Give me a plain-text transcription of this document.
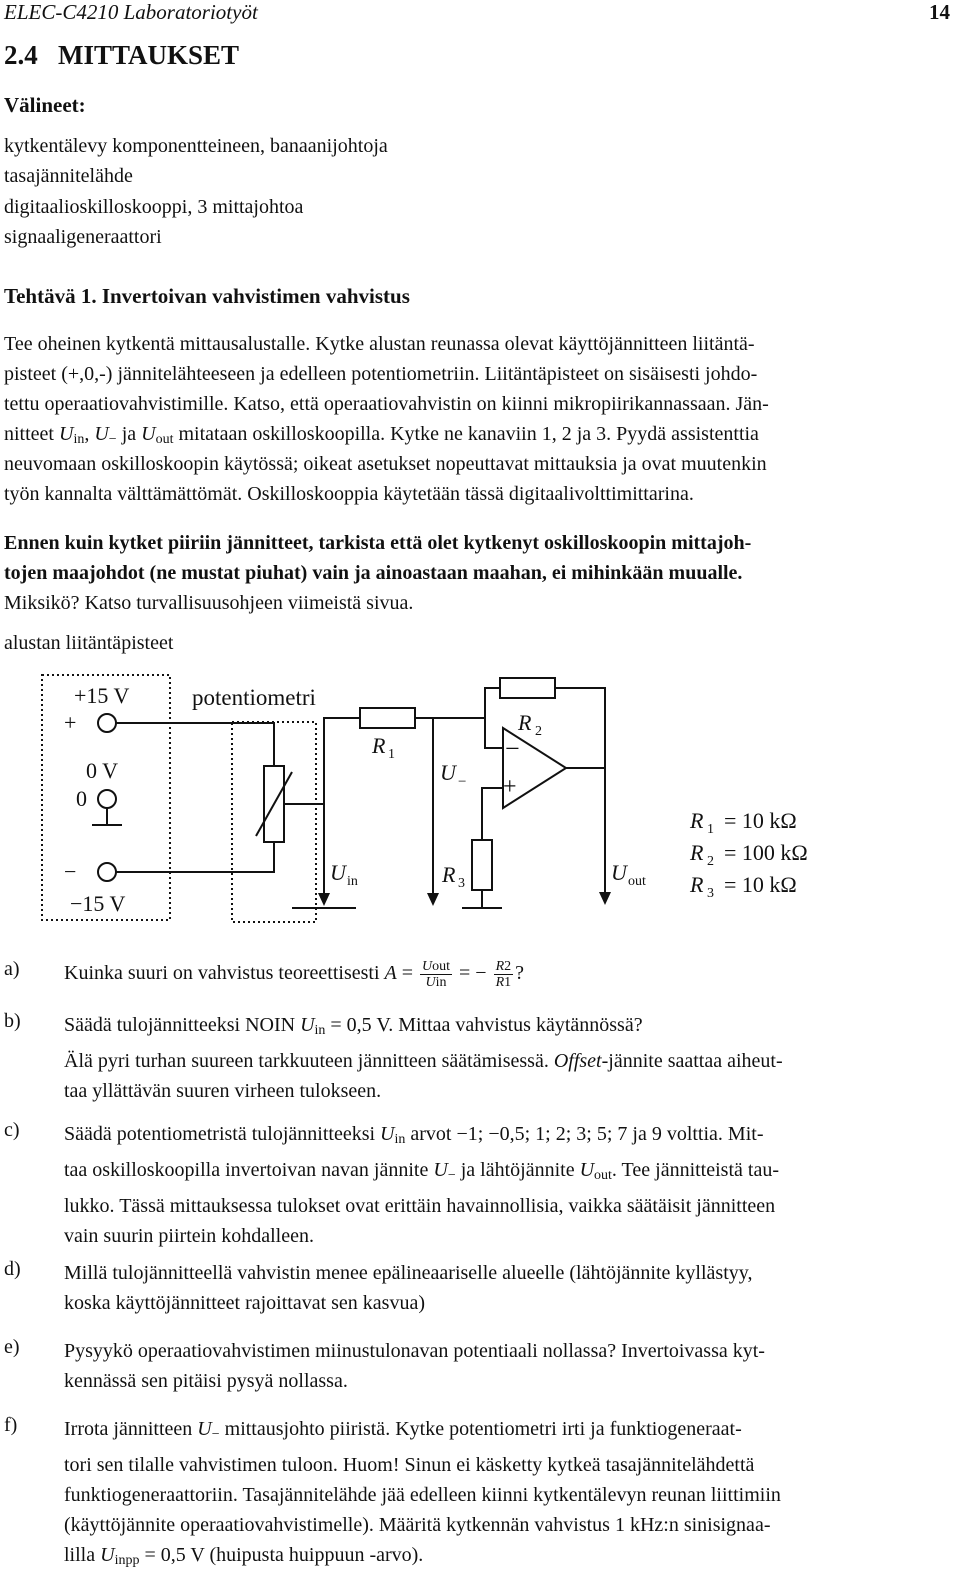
ELEC-C4210 Laboratoriotyöt	14
2.4   MITTAUKSET
Välineet:
kytkentälevy komponentteineen, banaanijohtoja
tasajännitelähde
digitaalioskilloskooppi, 3 mittajohtoa
signaaligeneraattori
Tehtävä 1. Invertoivan vahvistimen vahvistus
Tee oheinen kytkentä mittausalustalle. Kytke alustan reunassa olevat käyttöjännitteen liitäntä-
pisteet (+,0,-) jännitelähteeseen ja edelleen potentiometriin. Liitäntäpisteet on sisäisesti johdo-
tettu operaatiovahvistimille. Katso, että operaatiovahvistin on kiinni mikropiirikannassaan. Jän-
nitteet $U_{in}$, $U_-$ ja $U_{out}$ mitataan oskilloskoopilla. Kytke ne kanaviin 1, 2 ja 3. Pyydä assistenttia
neuvomaan oskilloskoopin käytössä; oikeat asetukset nopeuttavat mittauksia ja ovat muutenkin
työn kannalta välttämättömät. Oskilloskooppia käytetään tässä digitaalivolttimittarina.
Ennen kuin kytket piiriin jännitteet, tarkista että olet kytkenyt oskilloskoopin mittajoh-
tojen maajohdot (ne mustat piuhat) vain ja ainoastaan maahan, ei mihinkään muualle.
Miksikö? Katso turvallisuusohjeen viimeistä sivua.
alustan liitäntäpisteet
+15 V
+
0 V
0
−
−15 V
potentiometri
R 1
R 2
U −
R 3
U in	U out
−
+
R 1 = 10 kΩ
R 2 = 100 kΩ
R 3 = 10 kΩ
a)	Kuinka suuri on vahvistus teoreettisesti $A = \frac{\text{Uout}}{\text{Uin}}$ = − $\frac{R2}{R1}$ ?
b)	Säädä tulojännitteeksi NOIN $U_{in} = 0,5$ V. Mittaa vahvistus käytännössä?
Älä pyri turhan suureen tarkkuuteen jännitteen säätämisessä. Offset-jännite saattaa aiheut-
taa yllättävän suuren virheen tulokseen.
c)	Säädä potentiometristä tulojännitteeksi $U_{in}$ arvot −1; −0,5; 1; 2; 3; 5; 7 ja 9 volttia. Mit-
taa oskilloskoopilla invertoivan navan jännite $U_-$ ja lähtöjännite $U_{out}$. Tee jännitteistä tau-
lukko. Tässä mittauksessa tulokset ovat erittäin havainnollisia, vaikka säätäisit jännitteen
vain suurin piirtein kohdalleen.
d)	Millä tulojännitteellä vahvistin menee epälineaariselle alueelle (lähtöjännite kyllästyy,
koska käyttöjännitteet rajoittavat sen kasvua)
e)	Pysyykö operaatiovahvistimen miinustulonavan potentiaali nollassa? Invertoivassa kyt-
kennässä sen pitäisi pysyä nollassa.
f)	Irrota jännitteen $U_-$ mittausjohto piiristä. Kytke potentiometri irti ja funktiogeneraat-
tori sen tilalle vahvistimen tuloon. Huom! Sinun ei käsketty kytkeä tasajännitelähdettä
funktiogeneraattoriin. Tasajännitelähde jää edelleen kiinni kytkentälevyn reunan liittimiin
(käyttöjännite operaatiovahvistimelle). Määritä kytkennän vahvistus 1 kHz:n sinisignaa-
lilla $U_{inpp} = 0,5$ V (huipusta huippuun -arvo).
